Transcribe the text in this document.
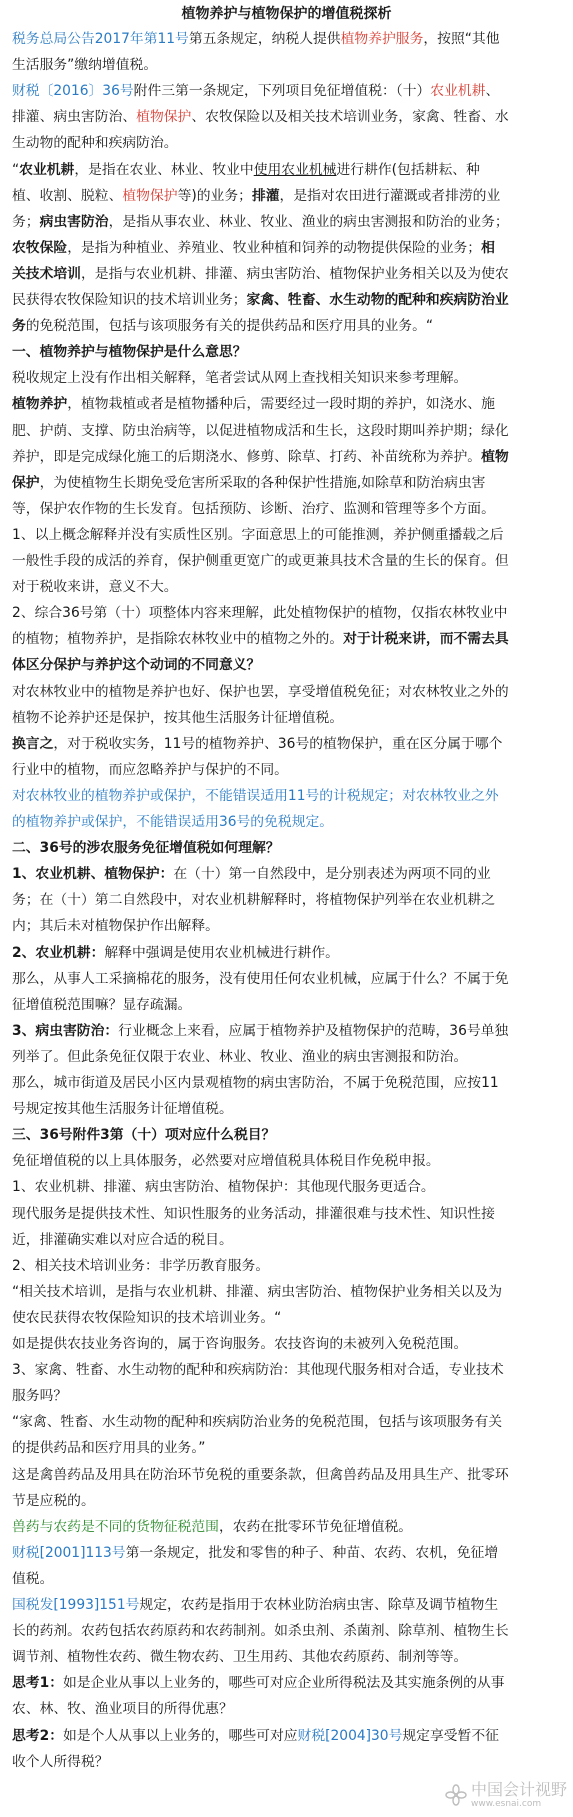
植物养护与植物保护的增值税探析
税务总局公告2017年第11号第五条规定，纳税人提供植物养护服务，按照“其他
生活服务”缴纳增值税。
财税〔2016〕36号附件三第一条规定，下列项目免征增值税：（十）农业机耕、
排灌、病虫害防治、植物保护、农牧保险以及相关技术培训业务，家禽、牲畜、水
生动物的配种和疾病防治。
“农业机耕，是指在农业、林业、牧业中使用农业机械进行耕作(包括耕耘、种
植、收割、脱粒、植物保护等)的业务；排灌，是指对农田进行灌溉或者排涝的业
务；病虫害防治，是指从事农业、林业、牧业、渔业的病虫害测报和防治的业务；
农牧保险，是指为种植业、养殖业、牧业种植和饲养的动物提供保险的业务；相
关技术培训，是指与农业机耕、排灌、病虫害防治、植物保护业务相关以及为使农
民获得农牧保险知识的技术培训业务；家禽、牲畜、水生动物的配种和疾病防治业
务的免税范围，包括与该项服务有关的提供药品和医疗用具的业务。“
一、植物养护与植物保护是什么意思？
税收规定上没有作出相关解释，笔者尝试从网上查找相关知识来参考理解。
植物养护，植物栽植或者是植物播种后，需要经过一段时期的养护，如浇水、施
肥、护荫、支撑、防虫治病等，以促进植物成活和生长，这段时期叫养护期；绿化
养护，即是完成绿化施工的后期浇水、修剪、除草、打药、补苗统称为养护。植物
保护，为使植物生长期免受危害所采取的各种保护性措施,如除草和防治病虫害
等，保护农作物的生长发育。包括预防、诊断、治疗、监测和管理等多个方面。
1、以上概念解释并没有实质性区别。字面意思上的可能推测，养护侧重播载之后
一般性手段的成活的养育，保护侧重更宽广的或更兼具技术含量的生长的保育。但
对于税收来讲，意义不大。
2、综合36号第（十）项整体内容来理解，此处植物保护的植物，仅指农林牧业中
的植物；植物养护，是指除农林牧业中的植物之外的。对于计税来讲，而不需去具
体区分保护与养护这个动词的不同意义？
对农林牧业中的植物是养护也好、保护也罢，享受增值税免征；对农林牧业之外的
植物不论养护还是保护，按其他生活服务计征增值税。
换言之，对于税收实务，11号的植物养护、36号的植物保护，重在区分属于哪个
行业中的植物，而应忽略养护与保护的不同。
对农林牧业的植物养护或保护，不能错误适用11号的计税规定；对农林牧业之外
的植物养护或保护，不能错误适用36号的免税规定。
二、36号的涉农服务免征增值税如何理解？
1、农业机耕、植物保护：在（十）第一自然段中，是分别表述为两项不同的业
务；在（十）第二自然段中，对农业机耕解释时，将植物保护列举在农业机耕之
内；其后未对植物保护作出解释。
2、农业机耕：解释中强调是使用农业机械进行耕作。
那么，从事人工采摘棉花的服务，没有使用任何农业机械，应属于什么？不属于免
征增值税范围嘛？显存疏漏。
3、病虫害防治：行业概念上来看，应属于植物养护及植物保护的范畴，36号单独
列举了。但此条免征仅限于农业、林业、牧业、渔业的病虫害测报和防治。
那么，城市街道及居民小区内景观植物的病虫害防治，不属于免税范围，应按11
号规定按其他生活服务计征增值税。
三、36号附件3第（十）项对应什么税目？
免征增值税的以上具体服务，必然要对应增值税具体税目作免税申报。
1、农业机耕、排灌、病虫害防治、植物保护：其他现代服务更适合。
现代服务是提供技术性、知识性服务的业务活动，排灌很难与技术性、知识性接
近，排灌确实难以对应合适的税目。
2、相关技术培训业务：非学历教育服务。
“相关技术培训，是指与农业机耕、排灌、病虫害防治、植物保护业务相关以及为
使农民获得农牧保险知识的技术培训业务。“
如是提供农技业务咨询的，属于咨询服务。农技咨询的未被列入免税范围。
3、家禽、牲畜、水生动物的配种和疾病防治：其他现代服务相对合适，专业技术
服务吗？
“家禽、牲畜、水生动物的配种和疾病防治业务的免税范围，包括与该项服务有关
的提供药品和医疗用具的业务。”
这是禽兽药品及用具在防治环节免税的重要条款，但禽兽药品及用具生产、批零环
节是应税的。
兽药与农药是不同的货物征税范围，农药在批零环节免征增值税。
财税[2001]113号第一条规定，批发和零售的种子、种苗、农药、农机，免征增
值税。
国税发[1993]151号规定，农药是指用于农林业防治病虫害、除草及调节植物生
长的药剂。农药包括农药原药和农药制剂。如杀虫剂、杀菌剂、除草剂、植物生长
调节剂、植物性农药、微生物农药、卫生用药、其他农药原药、制剂等等。
思考1：如是企业从事以上业务的，哪些可对应企业所得税法及其实施条例的从事
农、林、牧、渔业项目的所得优惠？
思考2：如是个人从事以上业务的，哪些可对应财税[2004]30号规定享受暂不征
收个人所得税？
中国会计视野
www.esnai.com
